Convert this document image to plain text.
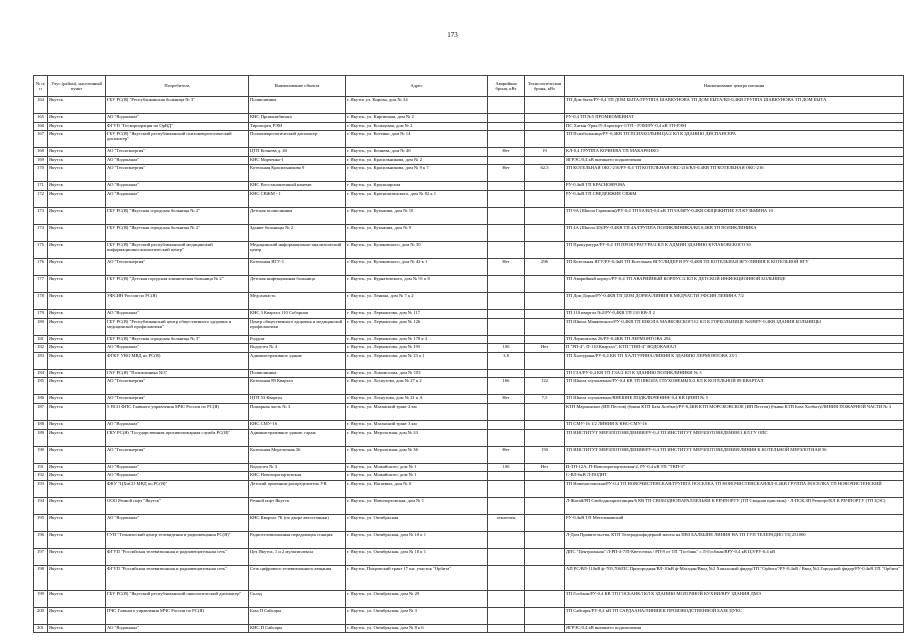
173
№ п/п	Улус (район), населенный пункт	Потребитель	Наименование объекта	Адрес	Аварийная броня, кВт	Технологическая броня, кВт	Наименование центра питания
164	Якутск	ГБУ РС(Я) "Республиканская больница № 3"	Поликлиника	г. Якутск ул. Кирова, дом № 34			ТП Дом быта/РУ-0,4 ТП ДОМ БЫТА/ГРУППА ШАВКУНОВА ТП ДОМ БЫТА/ВЛ-0,4КВ ГРУППА ШАВКУНОВА ТП ДОМ БЫТА
165	Якутск	АО "Водоканал"	КНС Промкомбината	г. Якутск, ул. Кирпичная, дом № 2			РУ-0,4 ТП №5 ПРОМКОМБИНАТ
166	Якутск	ФГУП "Госкорпорация по ОрВД"	Тиропорец РЭМ	г. Якутск, ул. Кольцевая, дом № 2			ПС Хатын-Урях/Л-Аэропорт-1/ТП - РЭМ/РУ-0,4 кВ ТП-РЭМ
167	Якутск	ГБУ РС(Я) "Якутский республиканский психоневрологический диспансер"	Психоневрологический диспансер	г. Якутск, ул. Котенко, дом № 14			ТП Психбольница/РУ-0,4КВ ТП ПСИХБОЛЬНИЦА/2 КЛ К ЗДАНИЮ ДИСПАНСЕРА
168	Якутск	АО "Теплоэнергия"	ЦТП Кочнева д. 40	г. Якутск, ул. Кочнева, дом № 40	Нет	19	КЛ-0,4 ГРУППА КОЧНЕВА ТП МАКАРЕНКО
169	Якутск	АО "Водоканал"	КНС Марченко-1	г. Якутск, ул. Красильникова, дом № 2			ЯГРЭС/0,4 кВ внешнего подключения
170	Якутск	АО "Теплоэнергия"	Котельная Красильникова 9	г. Якутск, ул. Красильникова, дом № 9 к 7	Нет	62,5	ТП КОТЕЛЬНАЯ ОКС-216/РУ-0,4 ТП КОТЕЛЬНАЯ ОКС-216/ВЛ-0,4КВ ТП КОТЕЛЬНАЯ ОКС-216
171	Якутск	АО "Водоканал"	КНС Восстановленный нанеми	г. Якутск, ул. Красноярская			РУ-0,4кВ ТП КРАСНОЯРОВА
172	Якутск	АО "Водоканал"	КНС СВЖМ - 1	г. Якутск, ул. Красноштанского, дом № 82 к 1			РУ-0,4кВ ТП СВЕДЕНЖИЕ СВЖМ
173	Якутск	ГБУ РС(Я) "Якутская городская больница № 2"	Детская поликлиника	г. Якутск, ул. Кузьмина, дом № 10			ТП 9А (Школа Гармония)/РУ-0,4 ТП 9А/ВЛ-0,4 кВ ТП 9А/ВРУ-0,4КВ ОБЩЕЖИТИЕ УЛ.КУЗЬМИНА 10
174	Якутск	ГБУ РС(Я) "Якутская городская больница № 2"	Здание больницы № 2	г. Якутск, ул. Кузьмина, дом № 9			ТП 4А (Школа 30)/РУ-0,4КВ ТП 4А/ГРУППА ПОЛИКЛИНИКА/ВЛ.0,4КВ ТП ПОЛИКЛИНИКА
175	Якутск	ГБУ РС(Я) "Якутский республиканский медицинский информационно-аналитический центр"	Медицинский информационно-аналитический центр	г. Якутск, ул. Кулаковского, дом № 30			ТП Прокуратура/РУ-0,4 ТП ПРОКУРАТУРА/2 КЛ К АДМИН ЗДАНИЮ КУЛАКОВСКОГО 30
176	Якутск	АО "Теплоэнергия"	Котельная ЯГУ-1	г. Якутск, ул. Кулаковского, дом № 42 к 1	Нет	296	ТП Котельная ЯГУ/РУ-0,4кВ ТП Котельная ЯГУ/ЛИДЕР В РУ-0,4КВ ТП КОТЕЛЬНАЯ ЯГУ/ЛИНИЯ К КОТЕЛЬНОЙ ЯГУ
177	Якутск	ГБУ РС(Я) "Детская городская клиническая больница № 2"	Детская инфекционная больница	г. Якутск, ул. Курнатовского, дом № 91 к 8			ТП Аварийный корпус/РУ-0,4 ТП АВАРИЙНЫЙ КОРПУС/2 КЛ К ДЕТСКОЙ ИНФЕКЦИОННОЙ БОЛЬНИЦЕ
178	Якутск	УФСИН России по РС(Я)	Медсанчасть	г. Якутск, ул. Ленина, дом № 7 к 2			ТП Дом Дорна/РУ-0,4КВ ТП ДОМ ДОРНА/ЛИНИЯ К МЕДЧАСТИ УФСИН ЛЕНИНА 7/2
179	Якутск	АО "Водоканал"	КНС 3 Квартал 110 Соборная	г. Якутск, ул. Лермонтова, дом № 117			ТП 110 квартал №2/РУ-0,4КВ ТП 110 КВ-Л 2
180	Якутск	ГБУ РС(Я) "Республиканский центр общественного здоровья и медицинской профилактики"	Центр общественного здоровья и медицинской профилактики	г. Якутск, ул. Лермонтова, дом № 126			ТП Школа Маняевского/РУ-0,4КВ ТП ШКОЛА МАЯКОВСКОГО/2 КЛ К ГОРБОЛЬНИЦЕ №8/ВРУ-0,4КВ ЗДАНИЯ БОЛЬНИЦЫ
181	Якутск	ГБУ РС(Я) "Якутская городская больница № 3"	Роддом	г. Якутск, ул. Лермонтова, дом № 178 к 3			ТП Лермонтова 26/РУ-0,4КВ ТП ЛЕРМОНТОВА 204
182	Якутск	АО "Водоканал"	Водоузел № 4	г. Якутск, ул. Лермонтова, дом № 195	100	Нет	П "РП-4", П-110 Квартал", КТП "ТВП-4" ВОДОКАНАЛ
183	Якутск	ФГКУ УВО МВД по РС(Я)	Административное здание	г. Якутск, ул. Лермонтова, дом № 23 к 1	3,8		ТП Халтурина/РУ-0,4 КВ ТП ХАЛТУРИНА/ЛИНИЯ К ЗДАНИЮ ЛЕРМОНТОВА 23/1
184	Якутск	ГАУ РС(Я) "Поликлиника №3"	Поликлиника	г. Якутск, ул. Ломоносова, дом № 103			ТП ГЗА/РУ-0,4 КВ ТП ГЗА/2 КЛ К ЗДАНИЮ ПОЛИКЛИНИКИ № 3
185	Якутск	АО "Теплоэнергия"	Котельная 89 Квартал	г. Якутск, ул. Лоскутова, дом № 27 к 2	166	122	ТП Школа глухонемых/РУ-0,4 КВ ТП ШКОЛА ГЛУХОНЕМЫХ/2 КЛ К КОТЕЛЬНОЙ 89 КВАРТАЛ
186	Якутск	АО "Теплоэнергия"	ЦТП 53 Квартал	г. Якутск, ул. Лоскутова, дом № 21 к А	Нет	7,5	ТП Школа глухонемых/ВНЕШНЕ ПОДКЛЮЧЕНИЯ/ 0,4 КВ ЦПНП № 5
187	Якутск	5 ПСО ФПС Главного управления МЧС России по РС(Я)	Пожарная часть № 3	г. Якутск, ул. Маганский тракт 2 км			КТП Мархинское (ИП Пестов) (бывш КТП База Хозбыт)/РУ-0,4КВ КТП МОРСКОВСКОЕ (ИП Пестов) (бывш КТП База Хозбыт)/ЛИНИЯ ПОЖАРНОЙ ЧАСТИ № 3
188	Якутск	АО "Водоканал"	КНС СМУ-16	г. Якутск, ул. Маганский тракт 3 км			ТП СМУ-16 1/2 ЛИНИЯ К КНС-СМУ-16
189	Якутск	ГКУ РС(Я) "Государственная противопожарная служба РС(Я)"	Административное здание, гараж	г. Якутск, ул. Мерзлотная, дом № 33			ТП ИНСТИТУТ МЕРЗЛОТОВЕДЕНИЯ/РУ-0,4 ТП ИНСТИТУТ МЕРЗЛОТОВЕДЕНИЯ/1 КЛ ГУ ОПС
190	Якутск	АО "Теплоэнергия"	Котельная Мерзлотная 36	г. Якутск, ул. Мерзлотная, дом № 36	Нет	150	ТП ИНСТИТУТ МЕРЗЛОТОВЕДЕНИЯ/РУ-0,4 ТП ИНСТИТУТ МЕРЗЛОТОВЕДЕНИЯ/ЛИНИЯ К КОТЕЛЬНОЙ МЕРЗЛОТНАЯ 36
191	Якутск	АО "Водоканал"	Водоузел № 3	г. Якутск, ул. Можайского, дом № 1	100	Нет	П-ТП-12А, П-Новоаэропортовская-2, РУ-0,4 кВ ТП "ТВП-3"
192	Якутск	АО "Водоканал"	КНС Новоаэропортовская	г. Якутск, ул. Можайского, дом № 1			С-ВЛ-6кВ Л-ПОДНТ
193	Якутск	ФКУ "ЦХиСО МВД по РС(Я)"	Детский приемник-распределитель УВ	г. Якутск, ул. Нагаевых, дом № 0			ТП Новочистенская/РУ-0,4 ТП НОВОЧИСТЕНСКАЯ/ГРУППА ПОСЕЛКА ТП НОВОЧИСТЕНСКАЯ/ВЛ-0,4КВ ГРУППА ПОСЕЛКА ТП НОВОЧИСТЕНСКИЙ
194	Якутск	ООО Речной порт "Якутск"	Речной порт Якутск	г. Якутск, ул. Новопортовская, дом № 1			Л-Жатай/РП Свободнопристанция/6 КВ ТП СВОБОДНОПАРАЛЛЕЛЬКИ К РЕЧПОРТУ (ТП Сводная пристань) - Л-ПСК.ЗП Речпорт/КЛ К РЕЧПОРТУ (ТП ЦЭС)
195	Якутск	АО "Водоканал"	КНС Квартал 7Б (по дворе автостоянки)	г. Якутск, ул. Октябрьская	отключен		РУ-0,4кВ ТП Метелинавский
196	Якутск	ГУП "Технический центр телевидения и радиовещания РС(Я)"	Радиотелевизионная передающая станция	г. Якутск, ул. Октябрьская, дом № 10 к 1			Л-Дом Правительства, КТП Телерадиофидерной мачты на ПВЗ БАЛБЫНЕ ЛИНИЯ НА ТП ГУП ТЕЛЕРАДИО ТЦ 251000
197	Якутск	ФГУП "Российская телевизионная и радиовещательная сеть"	Цех Якутск, 1 и 2 мультиплексы	г. Якутск, ул. Октябрьская, дом № 10 к 1			ДПС "Центральная" Л-РП-4-7/П-Кветсемка / РП-9 от ТП "Госбанк" с Л-Госбанк/ВРУ-0,4 кВ ЦЭ/РУ-0,4 кВ
198	Якутск	ФГУП "Российская телевизионная и радиовещательная сеть"	Сеть цифрового телевизионного вещания	г. Якутск, Покровский тракт 17 км. участок "Орбита"			АП РС/ВЛ-110кВ ф-705,706/ПС Пригородная/ВЛ-10кВ ф-Магадан/Ввод №2 Ханхасный фидер/ТП "Орбита"/РУ-0,4кВ / Ввод №2 Городской фидер/РУ-0,4кВ ТП "Орбита"
199	Якутск	ГБУ РС(Я) "Якутский республиканский онкологический диспансер"	Склад	г. Якутск, ул. Октябрьская, дом № 20			ТП Госбанк/РУ-0,4 КВ ТП ГОСБАНК/1КЛ К ЗДАНИЮ МОЛОЧНОЙ КУХНИ/ВРУ ЗДАНИЯ ДМЭ
200	Якутск	ПЧС Главного управления МЧС России по РС(Я)	База П Сайсары	г. Якутск, ул. Октябрьская, дом № 3			ТП Сайсары/РУ-0,4 кВ ТП САРДААНА/ЛИНИЯ К ПРОИЗВОДСТВЕННОЙ БАЗЕ ЦУКС
201	Якутск	АО "Водоканал"	КНС П Сайсары	г. Якутск, ул. Октябрьская, дом № 8 к 6			ЯГРЭС/0,4 кВ внешнего подключения
